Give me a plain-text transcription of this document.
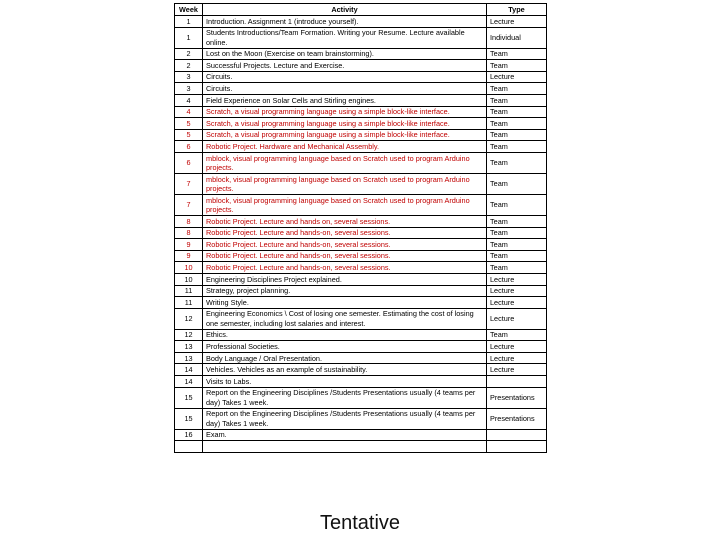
Week	Activity	Type
1	Introduction. Assignment 1 (introduce yourself).	Lecture
1	Students Introductions/Team Formation. Writing your Resume. Lecture available online.	Individual
2	Lost on the Moon (Exercise on team brainstorming).	Team
2	Successful Projects. Lecture and Exercise.	Team
3	Circuits.	Lecture
3	Circuits.	Team
4	Field Experience on Solar Cells and Stirling engines.	Team
4	Scratch, a visual programming language using a simple block-like interface.	Team
5	Scratch, a visual programming language using a simple block-like interface.	Team
5	Scratch, a visual programming language using a simple block-like interface.	Team
6	Robotic Project. Hardware and Mechanical Assembly.	Team
6	mblock, visual programming language based on Scratch used to program Arduino projects.	Team
7	mblock, visual programming language based on Scratch used to program Arduino projects.	Team
7	mblock, visual programming language based on Scratch used to program Arduino projects.	Team
8	Robotic Project. Lecture and hands on, several sessions.	Team
8	Robotic Project. Lecture and hands-on, several sessions.	Team
9	Robotic Project. Lecture and hands-on, several sessions.	Team
9	Robotic Project. Lecture and hands-on, several sessions.	Team
10	Robotic Project. Lecture and hands-on, several sessions.	Team
10	Engineering Disciplines Project explained.	Lecture
11	Strategy, project planning.	Lecture
11	Writing Style.	Lecture
12	Engineering Economics \ Cost of losing one semester. Estimating the cost of losing one semester, including lost salaries and interest.	Lecture
12	Ethics.	Team
13	Professional Societies.	Lecture
13	Body Language / Oral Presentation.	Lecture
14	Vehicles. Vehicles as an example of sustainability.	Lecture
14	Visits to Labs.	
15	Report on the Engineering Disciplines /Students Presentations usually (4 teams per day) Takes 1 week.	Presentations
15	Report on the Engineering Disciplines /Students Presentations usually (4 teams per day) Takes 1 week.	Presentations
16	Exam.	

Tentative
